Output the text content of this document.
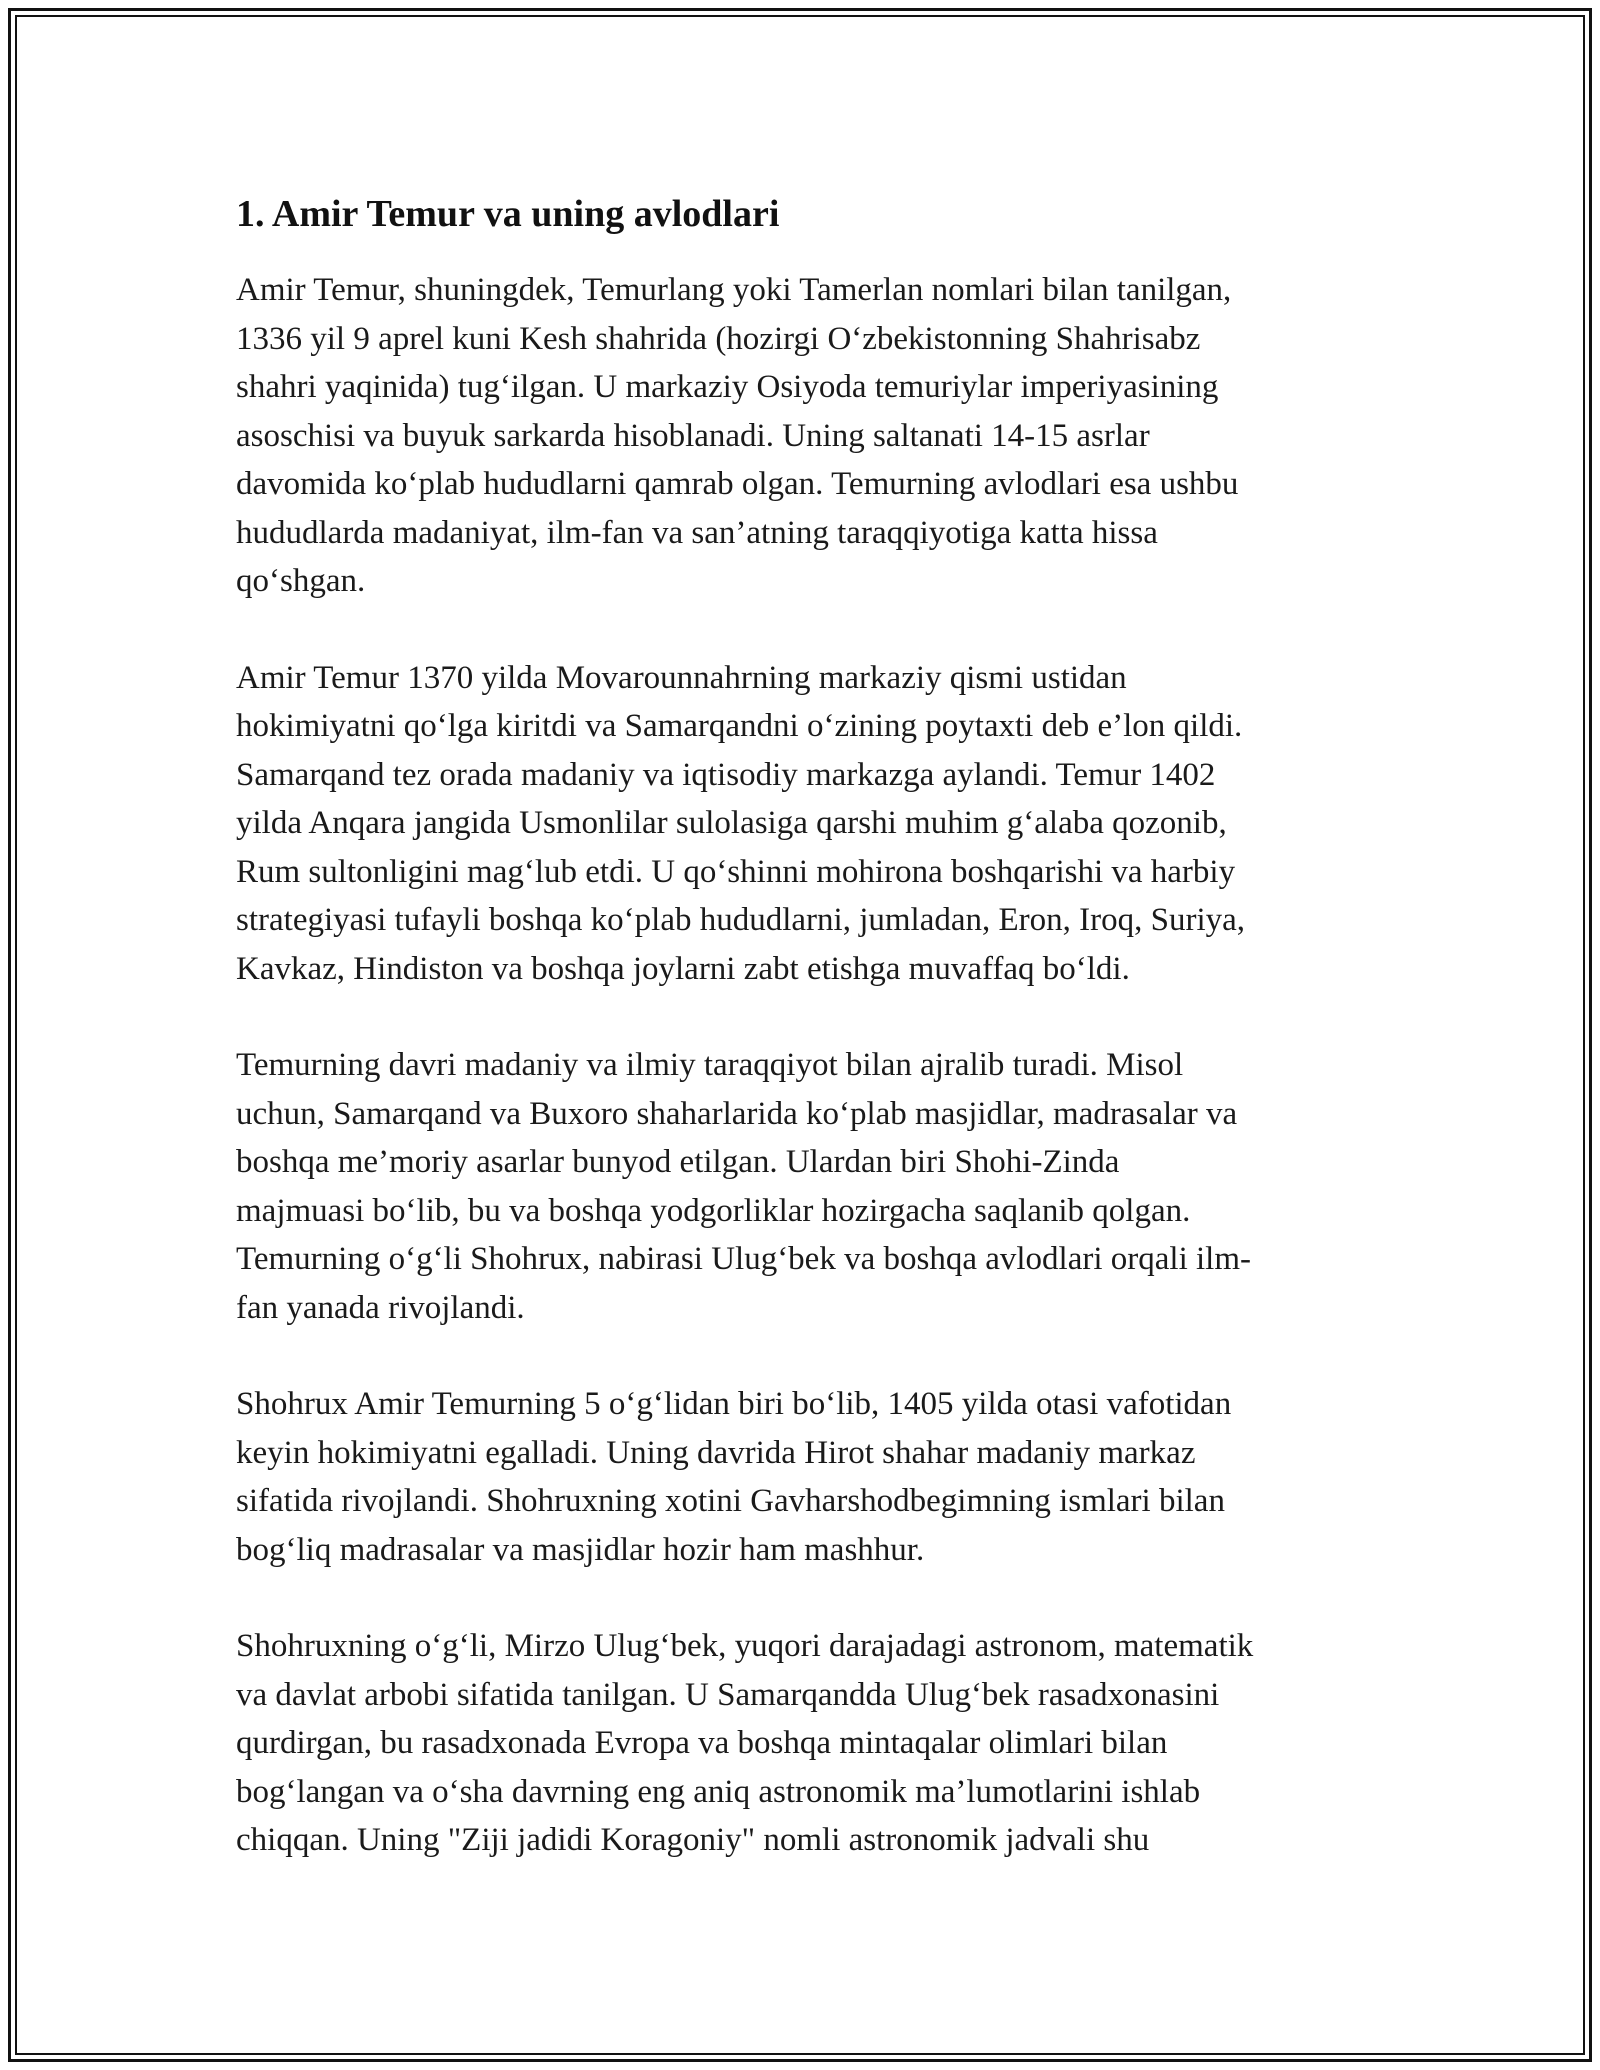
1. Amir Temur va uning avlodlari

Amir Temur, shuningdek, Temurlang yoki Tamerlan nomlari bilan tanilgan,
1336 yil 9 aprel kuni Kesh shahrida (hozirgi O‘zbekistonning Shahrisabz
shahri yaqinida) tug‘ilgan. U markaziy Osiyoda temuriylar imperiyasining
asoschisi va buyuk sarkarda hisoblanadi. Uning saltanati 14-15 asrlar
davomida ko‘plab hududlarni qamrab olgan. Temurning avlodlari esa ushbu
hududlarda madaniyat, ilm-fan va san’atning taraqqiyotiga katta hissa
qo‘shgan.

Amir Temur 1370 yilda Movarounnahrning markaziy qismi ustidan
hokimiyatni qo‘lga kiritdi va Samarqandni o‘zining poytaxti deb e’lon qildi.
Samarqand tez orada madaniy va iqtisodiy markazga aylandi. Temur 1402
yilda Anqara jangida Usmonlilar sulolasiga qarshi muhim g‘alaba qozonib,
Rum sultonligini mag‘lub etdi. U qo‘shinni mohirona boshqarishi va harbiy
strategiyasi tufayli boshqa ko‘plab hududlarni, jumladan, Eron, Iroq, Suriya,
Kavkaz, Hindiston va boshqa joylarni zabt etishga muvaffaq bo‘ldi.

Temurning davri madaniy va ilmiy taraqqiyot bilan ajralib turadi. Misol
uchun, Samarqand va Buxoro shaharlarida ko‘plab masjidlar, madrasalar va
boshqa me’moriy asarlar bunyod etilgan. Ulardan biri Shohi-Zinda
majmuasi bo‘lib, bu va boshqa yodgorliklar hozirgacha saqlanib qolgan.
Temurning o‘g‘li Shohrux, nabirasi Ulug‘bek va boshqa avlodlari orqali ilm-
fan yanada rivojlandi.

Shohrux Amir Temurning 5 o‘g‘lidan biri bo‘lib, 1405 yilda otasi vafotidan
keyin hokimiyatni egalladi. Uning davrida Hirot shahar madaniy markaz
sifatida rivojlandi. Shohruxning xotini Gavharshodbegimning ismlari bilan
bog‘liq madrasalar va masjidlar hozir ham mashhur.

Shohruxning o‘g‘li, Mirzo Ulug‘bek, yuqori darajadagi astronom, matematik
va davlat arbobi sifatida tanilgan. U Samarqandda Ulug‘bek rasadxonasini
qurdirgan, bu rasadxonada Evropa va boshqa mintaqalar olimlari bilan
bog‘langan va o‘sha davrning eng aniq astronomik ma’lumotlarini ishlab
chiqqan. Uning "Ziji jadidi Koragoniy" nomli astronomik jadvali shu
